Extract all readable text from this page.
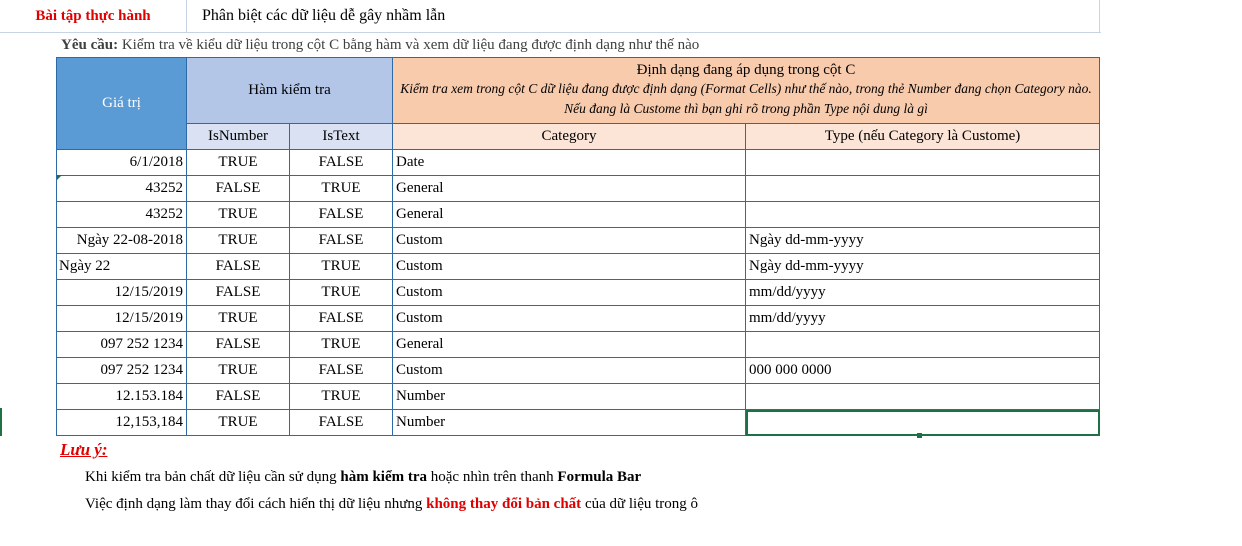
Bài tập thực hành	Phân biệt các dữ liệu dễ gây nhầm lẫn
Yêu cầu: Kiểm tra về kiểu dữ liệu trong cột C bằng hàm và xem dữ liệu đang được định dạng như thế nào
Giá trị	Hàm kiểm tra		Định dạng đang áp dụng trong cột C
Kiểm tra xem trong cột C dữ liệu đang được định dạng (Format Cells) như thế nào, trong thẻ Number đang chọn Category nào. Nếu đang là Custome thì bạn ghi rõ trong phần Type nội dung là gì	

	IsNumber	IsText	Category	Type (nếu Category là Custome)

6/1/2018	TRUE	FALSE	Date	
43252	FALSE	TRUE	General	
43252	TRUE	FALSE	General	
Ngày 22-08-2018	TRUE	FALSE	Custom	Ngày dd-mm-yyyy
Ngày 22	FALSE	TRUE	Custom	Ngày dd-mm-yyyy
12/15/2019	FALSE	TRUE	Custom	mm/dd/yyyy
12/15/2019	TRUE	FALSE	Custom	mm/dd/yyyy
097 252 1234	FALSE	TRUE	General	
097 252 1234	TRUE	FALSE	Custom	000 000 0000
12.153.184	FALSE	TRUE	Number	
12,153,184	TRUE	FALSE	Number	
Lưu ý:
Khi kiểm tra bản chất dữ liệu cần sử dụng hàm kiểm tra hoặc nhìn trên thanh Formula Bar
Việc định dạng làm thay đổi cách hiển thị dữ liệu nhưng không thay đổi bản chất của dữ liệu trong ô
